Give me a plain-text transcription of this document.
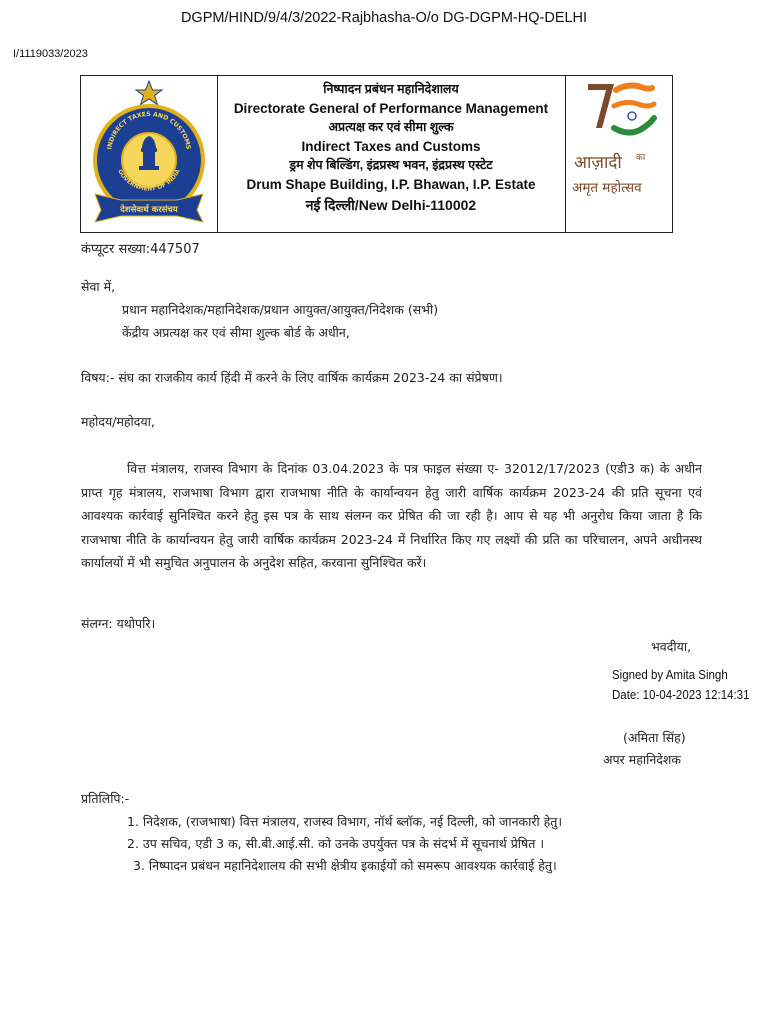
DGPM/HIND/9/4/3/2022-Rajbhasha-O/o DG-DGPM-HQ-DELHI
I/1119033/2023
INDIRECT TAXES AND CUSTOMS
GOVERNMENT OF INDIA
देशसेवार्थ करसंचय
निष्पादन प्रबंधन महानिदेशालय
Directorate General of Performance Management
अप्रत्यक्ष कर एवं सीमा शुल्क
Indirect Taxes and Customs
ड्रम शेप बिल्डिंग, इंद्रप्रस्थ भवन, इंद्रप्रस्थ एस्टेट
Drum Shape Building, I.P. Bhawan, I.P. Estate
नई दिल्ली/New Delhi-110002
आज़ादी का
अमृत महोत्सव
कंप्यूटर सख्या:447507
सेवा में,
प्रधान महानिदेशक/महानिदेशक/प्रधान आयुक्त/आयुक्त/निदेशक (सभी)
केंद्रीय अप्रत्यक्ष कर एवं सीमा शुल्क बोर्ड के अधीन,
विषय:- संघ का राजकीय कार्य हिंदी में करने के लिए वार्षिक कार्यक्रम 2023-24 का संप्रेषण।
महोदय/महोदया,
वित्त मंत्रालय, राजस्व विभाग के दिनांक 03.04.2023 के पत्र फाइल संख्या ए- 32012/17/2023 (एडी3 क) के अधीन प्राप्त गृह मंत्रालय, राजभाषा विभाग द्वारा राजभाषा नीति के कार्यान्वयन हेतु जारी वार्षिक कार्यक्रम 2023-24 की प्रति सूचना एवं आवश्यक कार्रवाई सुनिश्चित करने हेतु इस पत्र के साथ संलग्न कर प्रेषित की जा रही है। आप से यह भी अनुरोध किया जाता है कि राजभाषा नीति के कार्यान्वयन हेतु जारी वार्षिक कार्यक्रम 2023-24 में निर्धारित किए गए लक्ष्यों की प्रति का परिचालन, अपने अधीनस्थ कार्यालयों में भी समुचित अनुपालन के अनुदेश सहित, करवाना सुनिश्चित करें।
संलग्न: यथोपरि।
भवदीया,
Signed by Amita Singh
Date: 10-04-2023 12:14:31
(अमिता सिंह)
अपर महानिदेशक
प्रतिलिपि:-
1. निदेशक, (राजभाषा) वित्त मंत्रालय, राजस्व विभाग, नॉर्थ ब्लॉक, नई दिल्ली, को जानकारी हेतु।
2. उप सचिव, एडी 3 क, सी.बी.आई.सी. को उनके उपर्युक्त पत्र के संदर्भ में सूचनार्थ प्रेषित ।
3. निष्पादन प्रबंधन महानिदेशालय की सभी क्षेत्रीय इकाईयों को समरूप आवश्यक कार्रवाई हेतु।
